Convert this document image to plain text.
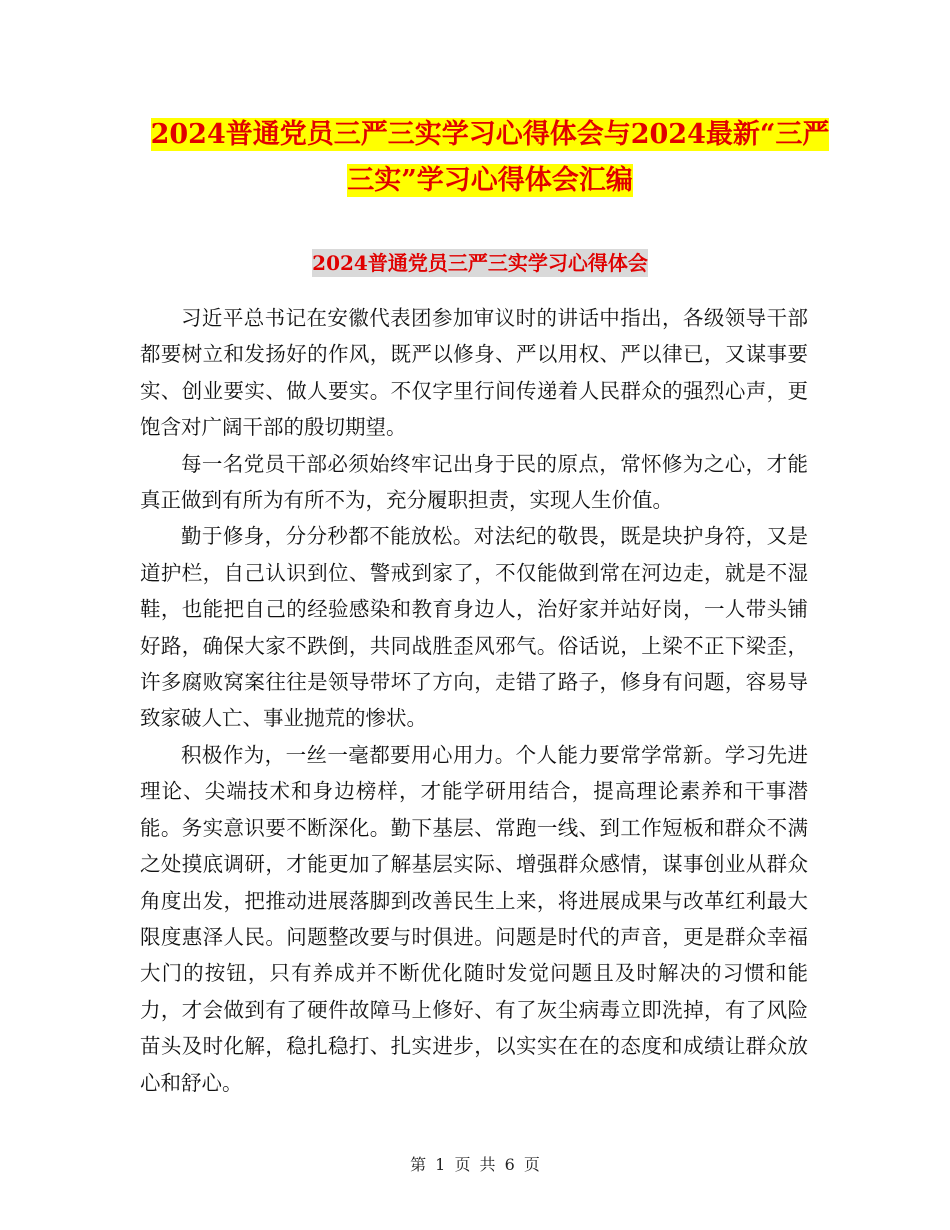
2024普通党员三严三实学习心得体会与2024最新“三严三实”学习心得体会汇编
2024普通党员三严三实学习心得体会

习近平总书记在安徽代表团参加审议时的讲话中指出，各级领导干部都要树立和发扬好的作风，既严以修身、严以用权、严以律已，又谋事要实、创业要实、做人要实。不仅字里行间传递着人民群众的强烈心声，更饱含对广阔干部的殷切期望。

每一名党员干部必须始终牢记出身于民的原点，常怀修为之心，才能真正做到有所为有所不为，充分履职担责，实现人生价值。

勤于修身，分分秒都不能放松。对法纪的敬畏，既是块护身符，又是道护栏，自己认识到位、警戒到家了，不仅能做到常在河边走，就是不湿鞋，也能把自己的经验感染和教育身边人，治好家并站好岗，一人带头铺好路，确保大家不跌倒，共同战胜歪风邪气。俗话说，上梁不正下梁歪，许多腐败窝案往往是领导带坏了方向，走错了路子，修身有问题，容易导致家破人亡、事业抛荒的惨状。

积极作为，一丝一毫都要用心用力。个人能力要常学常新。学习先进理论、尖端技术和身边榜样，才能学研用结合，提高理论素养和干事潜能。务实意识要不断深化。勤下基层、常跑一线、到工作短板和群众不满之处摸底调研，才能更加了解基层实际、增强群众感情，谋事创业从群众角度出发，把推动进展落脚到改善民生上来，将进展成果与改革红利最大限度惠泽人民。问题整改要与时俱进。问题是时代的声音，更是群众幸福大门的按钮，只有养成并不断优化随时发觉问题且及时解决的习惯和能力，才会做到有了硬件故障马上修好、有了灰尘病毒立即洗掉，有了风险苗头及时化解，稳扎稳打、扎实进步，以实实在在的态度和成绩让群众放心和舒心。

第 1 页 共 6 页
